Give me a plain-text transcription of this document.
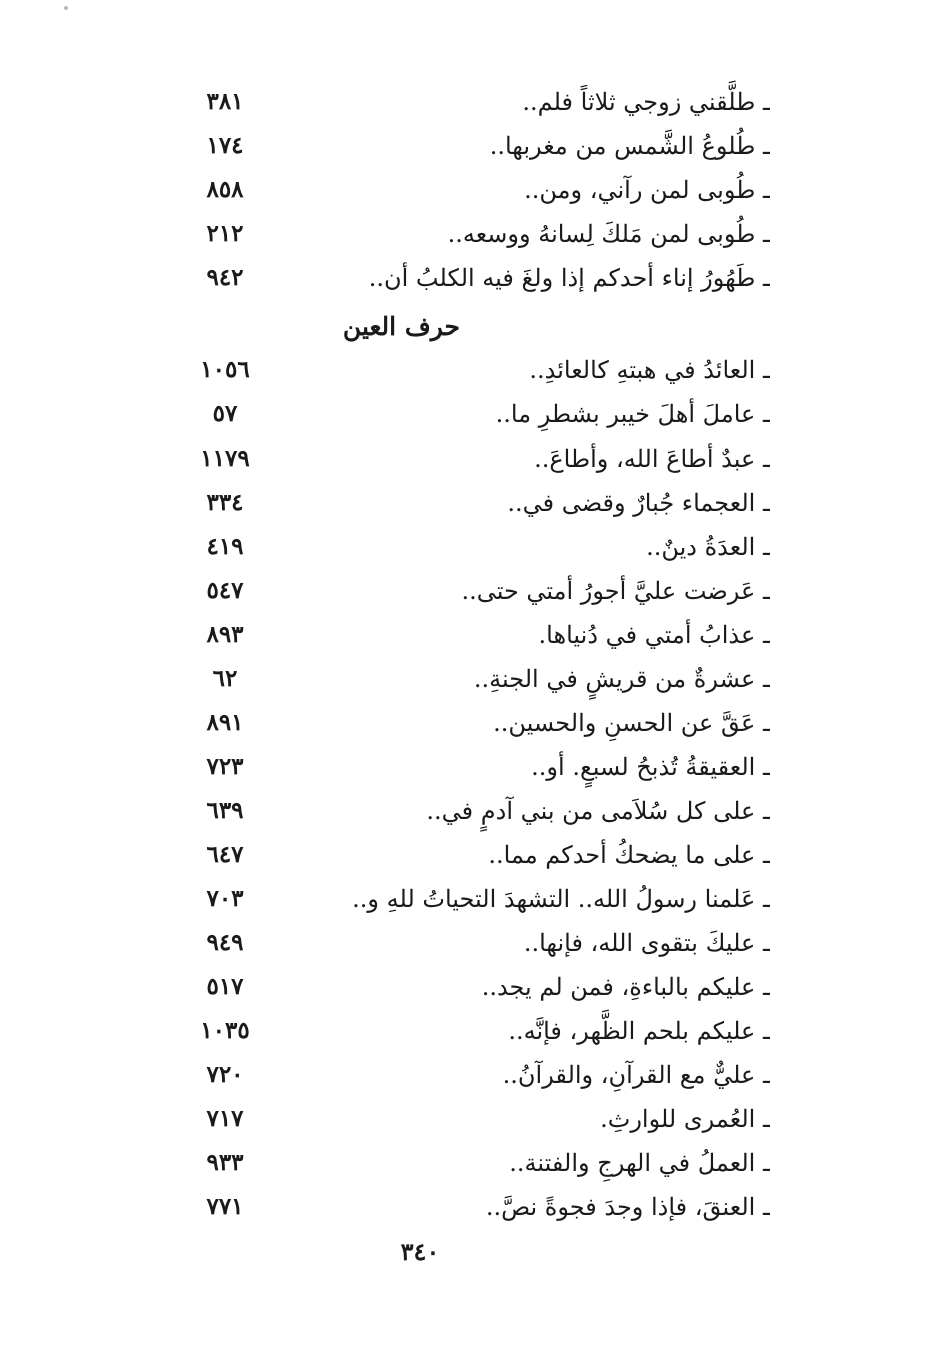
ـ طلَّقني زوجي ثلاثاً فلم..
٣٨١
ـ طُلوعُ الشَّمس من مغربها..
١٧٤
ـ طُوبى لمن رآني، ومن..
٨٥٨
ـ طُوبى لمن مَلكَ لِسانهُ ووسعه..
٢١٢
ـ طَهُورُ إناء أحدكم إذا ولغَ فيه الكلبُ أن..
٩٤٢
حرف العين
ـ العائدُ في هبتهِ كالعائدِ..
١٠٥٦
ـ عاملَ أهلَ خيبر بشطرِ ما..
٥٧
ـ عبدٌ أطاعَ الله، وأطاعَ..
١١٧٩
ـ العجماء جُبارٌ وقضى في..
٣٣٤
ـ العدَةُ دينٌ..
٤١٩
ـ عَرضت عليَّ أجورُ أمتي حتى..
٥٤٧
ـ عذابُ أمتي في دُنياها.
٨٩٣
ـ عشرةٌ من قريشٍ في الجنةِ..
٦٢
ـ عَقَّ عن الحسنِ والحسين..
٨٩١
ـ العقيقةُ تُذبحُ لسبعٍ. أو..
٧٢٣
ـ على كل سُلاَمى من بني آدمٍ في..
٦٣٩
ـ على ما يضحكُ أحدكم مما..
٦٤٧
ـ عَلمنا رسولُ الله.. التشهدَ التحياتُ للهِ و..
٧٠٣
ـ عليكَ بتقوى الله، فإنها..
٩٤٩
ـ عليكم بالباءةِ، فمن لم يجد..
٥١٧
ـ عليكم بلحم الظَّهر، فإنَّه..
١٠٣٥
ـ عليٌّ مع القرآنِ، والقرآنُ..
٧٢٠
ـ العُمرى للوارثِ.
٧١٧
ـ العملُ في الهرجِ والفتنة..
٩٣٣
ـ العنقَ، فإذا وجدَ فجوةً نصَّ..
٧٧١
٣٤٠
